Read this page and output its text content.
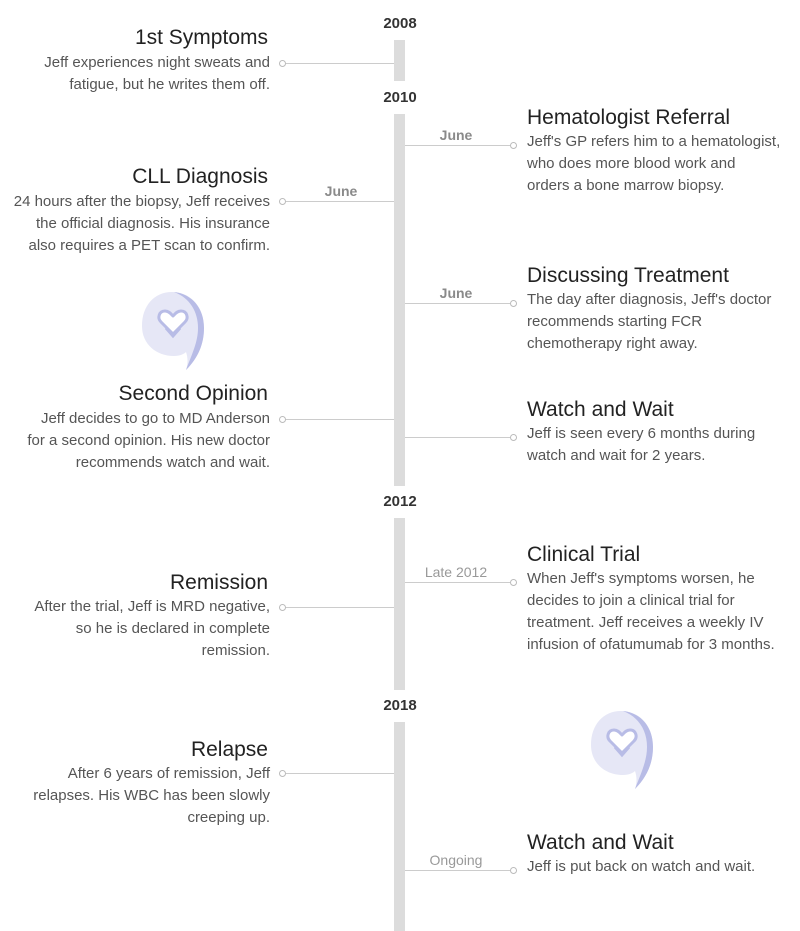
2008
2010
2012
2018
1st Symptoms
Jeff experiences night sweats and fatigue, but he writes them off.
June
Hematologist Referral
Jeff's GP refers him to a hematologist, who does more blood work and orders a bone marrow biopsy.
CLL Diagnosis
24 hours after the biopsy, Jeff receives the official diagnosis. His insurance also requires a PET scan to confirm.
June
June
Discussing Treatment
The day after diagnosis, Jeff's doctor recommends starting FCR chemotherapy right away.
Second Opinion
Jeff decides to go to MD Anderson for a second opinion. His new doctor recommends watch and wait.
Watch and Wait
Jeff is seen every 6 months during watch and wait for 2 years.
Late 2012
Clinical Trial
When Jeff's symptoms worsen, he decides to join a clinical trial for treatment. Jeff receives a weekly IV infusion of ofatumumab for 3 months.
Remission
After the trial, Jeff is MRD negative, so he is declared in complete remission.
Relapse
After 6 years of remission, Jeff relapses. His WBC has been slowly creeping up.
Ongoing
Watch and Wait
Jeff is put back on watch and wait.
